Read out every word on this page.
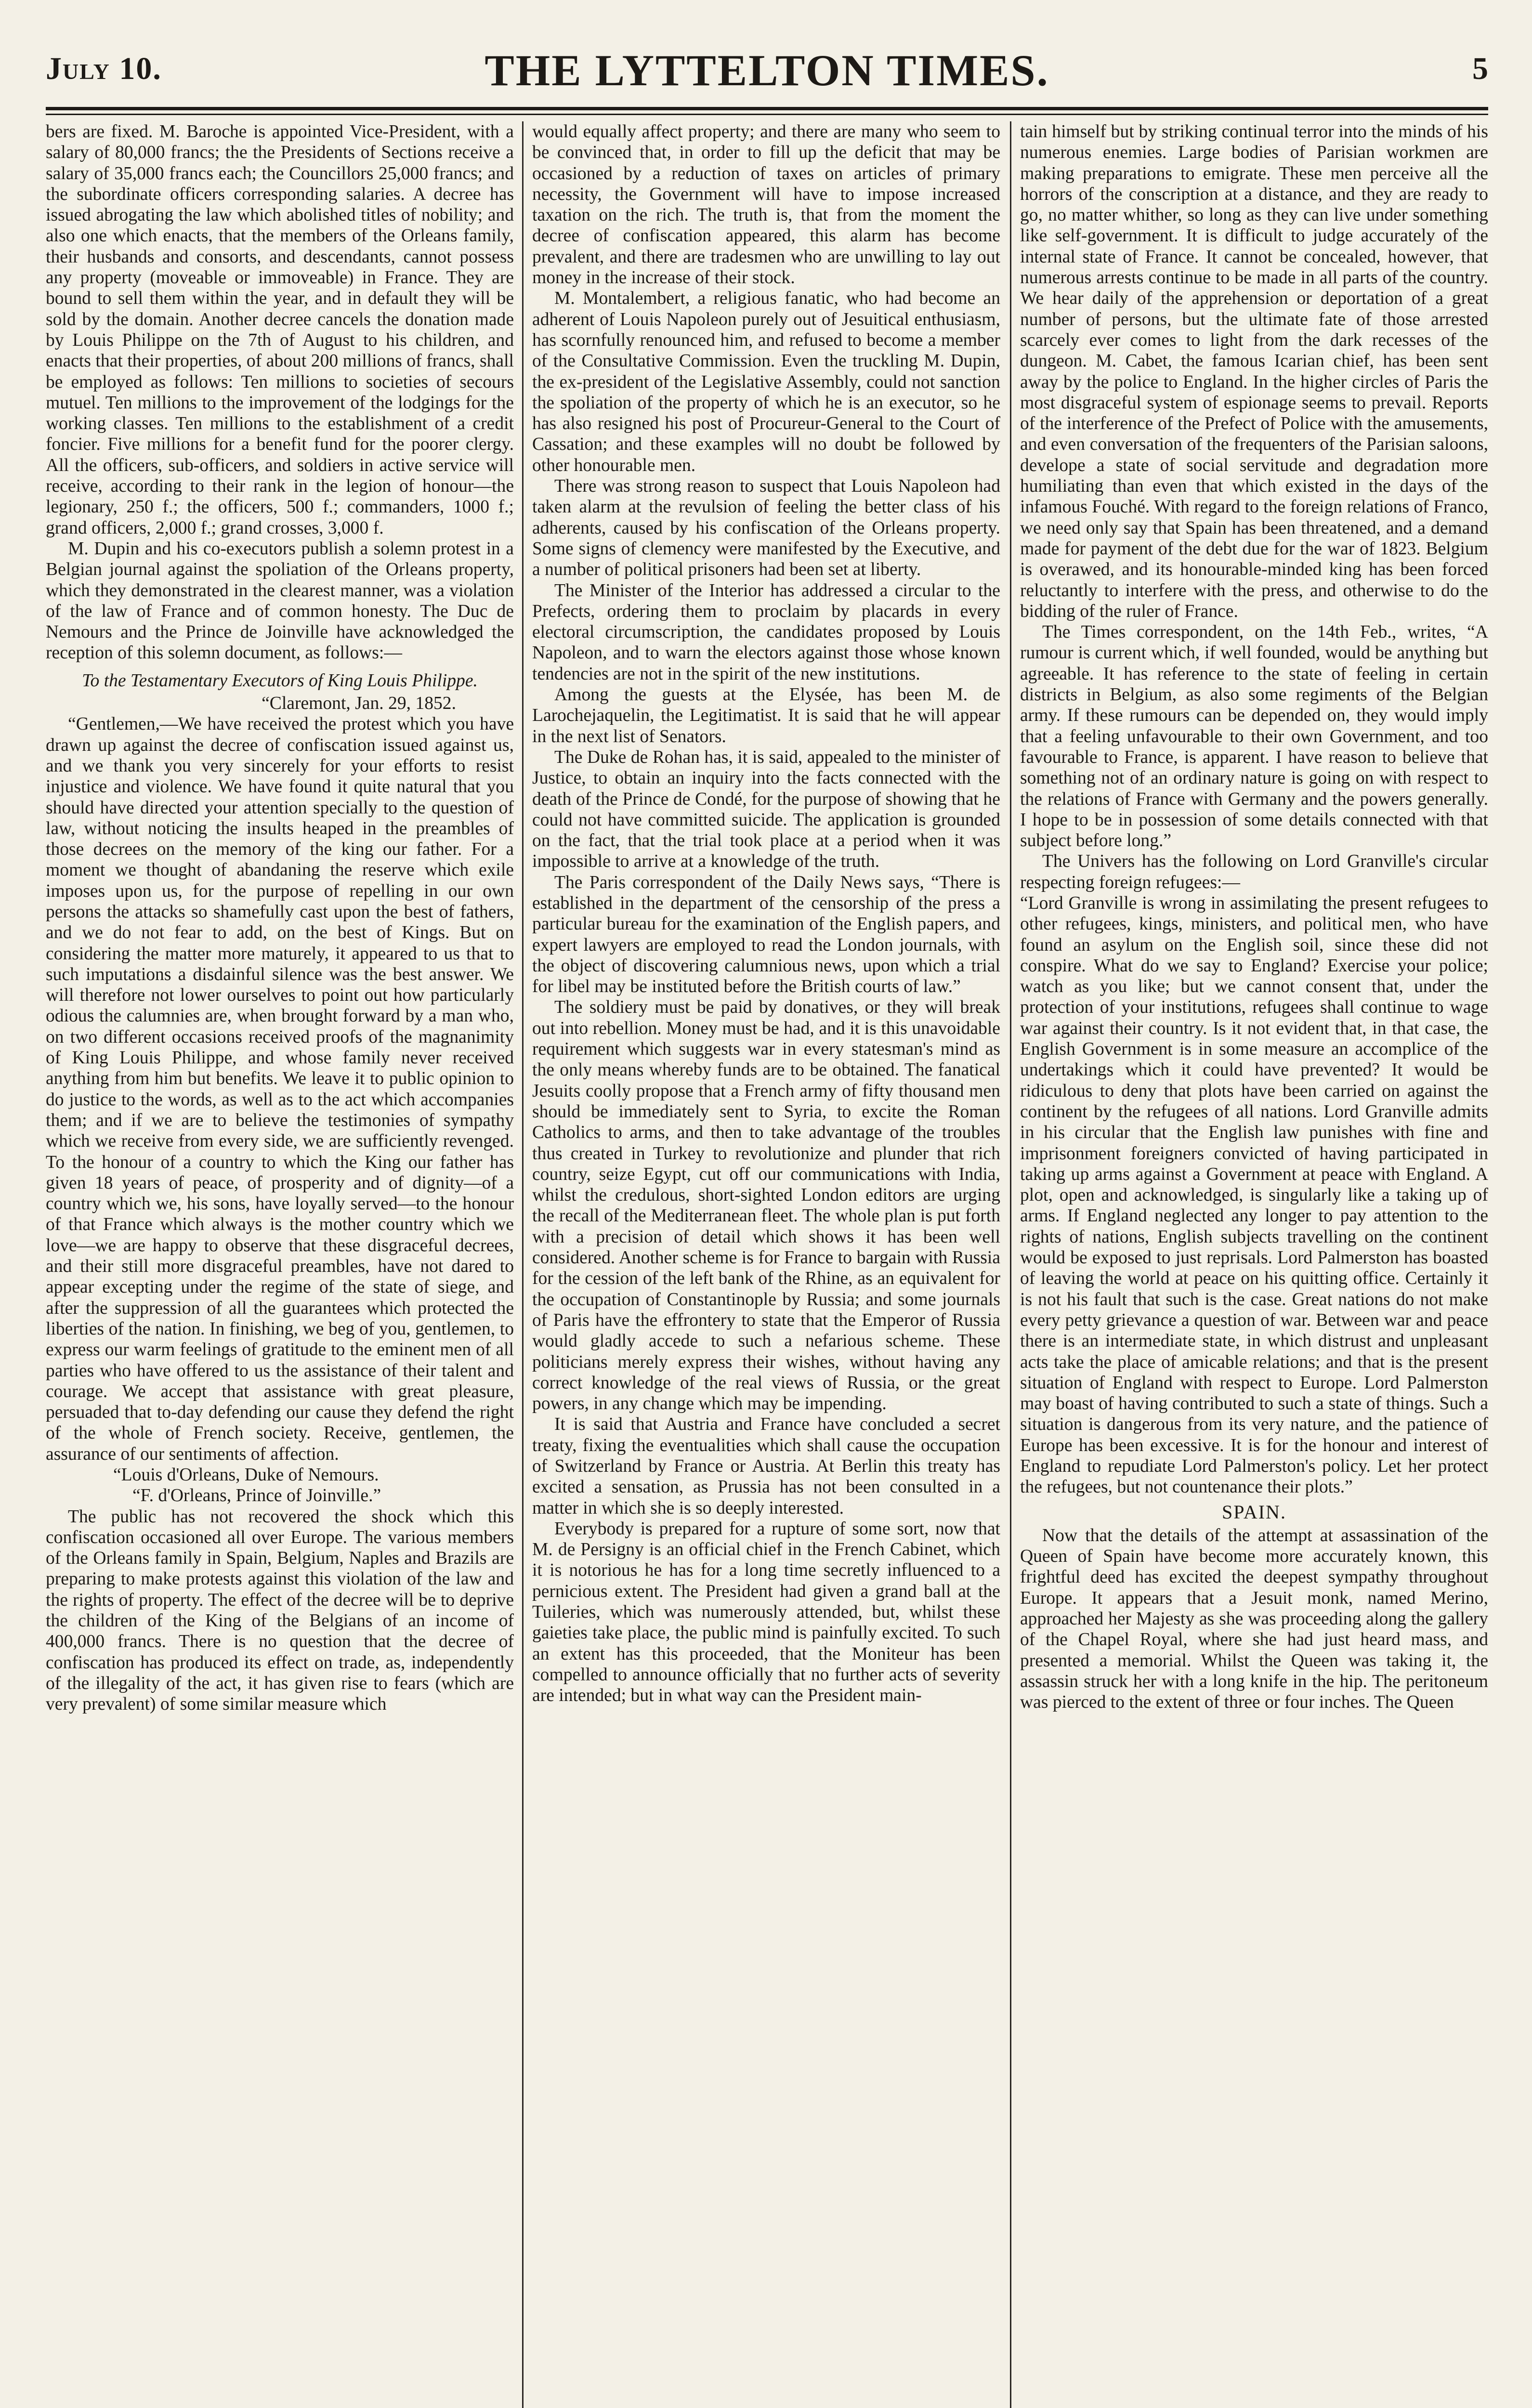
THE LYTTELTON TIMES.
July 10.	5

bers are fixed. M. Baroche is appointed Vice-President, with a salary of 80,000 francs; the the Presidents of Sections receive a salary of 35,000 francs each; the Councillors 25,000 francs; and the subordinate officers corresponding salaries. A decree has issued abrogating the law which abolished titles of nobility; and also one which enacts, that the members of the Orleans family, their husbands and consorts, and descendants, cannot possess any property (moveable or immoveable) in France. They are bound to sell them within the year, and in default they will be sold by the domain. Another decree cancels the donation made by Louis Philippe on the 7th of August to his children, and enacts that their properties, of about 200 millions of francs, shall be employed as follows: Ten millions to societies of secours mutuel. Ten millions to the improvement of the lodgings for the working classes. Ten millions to the establishment of a credit foncier. Five millions for a benefit fund for the poorer clergy. All the officers, sub-officers, and soldiers in active service will receive, according to their rank in the legion of honour—the legionary, 250 f.; the officers, 500 f.; commanders, 1000 f.; grand officers, 2,000 f.; grand crosses, 3,000 f.

M. Dupin and his co-executors publish a solemn protest in a Belgian journal against the spoliation of the Orleans property, which they demonstrated in the clearest manner, was a violation of the law of France and of common honesty. The Duc de Nemours and the Prince de Joinville have acknowledged the reception of this solemn document, as follows:—

To the Testamentary Executors of King Louis Philippe.

“Claremont, Jan. 29, 1852.

“Gentlemen,—We have received the protest which you have drawn up against the decree of confiscation issued against us, and we thank you very sincerely for your efforts to resist injustice and violence. We have found it quite natural that you should have directed your attention specially to the question of law, without noticing the insults heaped in the preambles of those decrees on the memory of the king our father. For a moment we thought of abandaning the reserve which exile imposes upon us, for the purpose of repelling in our own persons the attacks so shamefully cast upon the best of fathers, and we do not fear to add, on the best of Kings. But on considering the matter more maturely, it appeared to us that to such imputations a disdainful silence was the best answer. We will therefore not lower ourselves to point out how particularly odious the calumnies are, when brought forward by a man who, on two different occasions received proofs of the magnanimity of King Louis Philippe, and whose family never received anything from him but benefits. We leave it to public opinion to do justice to the words, as well as to the act which accompanies them; and if we are to believe the testimonies of sympathy which we receive from every side, we are sufficiently revenged. To the honour of a country to which the King our father has given 18 years of peace, of prosperity and of dignity—of a country which we, his sons, have loyally served—to the honour of that France which always is the mother country which we love—we are happy to observe that these disgraceful decrees, and their still more disgraceful preambles, have not dared to appear excepting under the regime of the state of siege, and after the suppression of all the guarantees which protected the liberties of the nation. In finishing, we beg of you, gentlemen, to express our warm feelings of gratitude to the eminent men of all parties who have offered to us the assistance of their talent and courage. We accept that assistance with great pleasure, persuaded that to-day defending our cause they defend the right of the whole of French society. Receive, gentlemen, the assurance of our sentiments of affection.

“Louis d'Orleans, Duke of Nemours.

“F. d'Orleans, Prince of Joinville.”

The public has not recovered the shock which this confiscation occasioned all over Europe. The various members of the Orleans family in Spain, Belgium, Naples and Brazils are preparing to make protests against this violation of the law and the rights of property. The effect of the decree will be to deprive the children of the King of the Belgians of an income of 400,000 francs. There is no question that the decree of confiscation has produced its effect on trade, as, independently of the illegality of the act, it has given rise to fears (which are very prevalent) of some similar measure which

would equally affect property; and there are many who seem to be convinced that, in order to fill up the deficit that may be occasioned by a reduction of taxes on articles of primary necessity, the Government will have to impose increased taxation on the rich. The truth is, that from the moment the decree of confiscation appeared, this alarm has become prevalent, and there are tradesmen who are unwilling to lay out money in the increase of their stock.

M. Montalembert, a religious fanatic, who had become an adherent of Louis Napoleon purely out of Jesuitical enthusiasm, has scornfully renounced him, and refused to become a member of the Consultative Commission. Even the truckling M. Dupin, the ex-president of the Legislative Assembly, could not sanction the spoliation of the property of which he is an executor, so he has also resigned his post of Procureur-General to the Court of Cassation; and these examples will no doubt be followed by other honourable men.

There was strong reason to suspect that Louis Napoleon had taken alarm at the revulsion of feeling the better class of his adherents, caused by his confiscation of the Orleans property. Some signs of clemency were manifested by the Executive, and a number of political prisoners had been set at liberty.

The Minister of the Interior has addressed a circular to the Prefects, ordering them to proclaim by placards in every electoral circumscription, the candidates proposed by Louis Napoleon, and to warn the electors against those whose known tendencies are not in the spirit of the new institutions.

Among the guests at the Elysée, has been M. de Larochejaquelin, the Legitimatist. It is said that he will appear in the next list of Senators.

The Duke de Rohan has, it is said, appealed to the minister of Justice, to obtain an inquiry into the facts connected with the death of the Prince de Condé, for the purpose of showing that he could not have committed suicide. The application is grounded on the fact, that the trial took place at a period when it was impossible to arrive at a knowledge of the truth.

The Paris correspondent of the Daily News says, “There is established in the department of the censorship of the press a particular bureau for the examination of the English papers, and expert lawyers are employed to read the London journals, with the object of discovering calumnious news, upon which a trial for libel may be instituted before the British courts of law.”

The soldiery must be paid by donatives, or they will break out into rebellion. Money must be had, and it is this unavoidable requirement which suggests war in every statesman's mind as the only means whereby funds are to be obtained. The fanatical Jesuits coolly propose that a French army of fifty thousand men should be immediately sent to Syria, to excite the Roman Catholics to arms, and then to take advantage of the troubles thus created in Turkey to revolutionize and plunder that rich country, seize Egypt, cut off our communications with India, whilst the credulous, short-sighted London editors are urging the recall of the Mediterranean fleet. The whole plan is put forth with a precision of detail which shows it has been well considered. Another scheme is for France to bargain with Russia for the cession of the left bank of the Rhine, as an equivalent for the occupation of Constantinople by Russia; and some journals of Paris have the effrontery to state that the Emperor of Russia would gladly accede to such a nefarious scheme. These politicians merely express their wishes, without having any correct knowledge of the real views of Russia, or the great powers, in any change which may be impending.

It is said that Austria and France have concluded a secret treaty, fixing the eventualities which shall cause the occupation of Switzerland by France or Austria. At Berlin this treaty has excited a sensation, as Prussia has not been consulted in a matter in which she is so deeply interested.

Everybody is prepared for a rupture of some sort, now that M. de Persigny is an official chief in the French Cabinet, which it is notorious he has for a long time secretly influenced to a pernicious extent. The President had given a grand ball at the Tuileries, which was numerously attended, but, whilst these gaieties take place, the public mind is painfully excited. To such an extent has this proceeded, that the Moniteur has been compelled to announce officially that no further acts of severity are intended; but in what way can the President main-

tain himself but by striking continual terror into the minds of his numerous enemies. Large bodies of Parisian workmen are making preparations to emigrate. These men perceive all the horrors of the conscription at a distance, and they are ready to go, no matter whither, so long as they can live under something like self-government. It is difficult to judge accurately of the internal state of France. It cannot be concealed, however, that numerous arrests continue to be made in all parts of the country. We hear daily of the apprehension or deportation of a great number of persons, but the ultimate fate of those arrested scarcely ever comes to light from the dark recesses of the dungeon. M. Cabet, the famous Icarian chief, has been sent away by the police to England. In the higher circles of Paris the most disgraceful system of espionage seems to prevail. Reports of the interference of the Prefect of Police with the amusements, and even conversation of the frequenters of the Parisian saloons, develope a state of social servitude and degradation more humiliating than even that which existed in the days of the infamous Fouché. With regard to the foreign relations of Franco, we need only say that Spain has been threatened, and a demand made for payment of the debt due for the war of 1823. Belgium is overawed, and its honourable-minded king has been forced reluctantly to interfere with the press, and otherwise to do the bidding of the ruler of France.

The Times correspondent, on the 14th Feb., writes, “A rumour is current which, if well founded, would be anything but agreeable. It has reference to the state of feeling in certain districts in Belgium, as also some regiments of the Belgian army. If these rumours can be depended on, they would imply that a feeling unfavourable to their own Government, and too favourable to France, is apparent. I have reason to believe that something not of an ordinary nature is going on with respect to the relations of France with Germany and the powers generally. I hope to be in possession of some details connected with that subject before long.”

The Univers has the following on Lord Granville's circular respecting foreign refugees:—

“Lord Granville is wrong in assimilating the present refugees to other refugees, kings, ministers, and political men, who have found an asylum on the English soil, since these did not conspire. What do we say to England? Exercise your police; watch as you like; but we cannot consent that, under the protection of your institutions, refugees shall continue to wage war against their country. Is it not evident that, in that case, the English Government is in some measure an accomplice of the undertakings which it could have prevented? It would be ridiculous to deny that plots have been carried on against the continent by the refugees of all nations. Lord Granville admits in his circular that the English law punishes with fine and imprisonment foreigners convicted of having participated in taking up arms against a Government at peace with England. A plot, open and acknowledged, is singularly like a taking up of arms. If England neglected any longer to pay attention to the rights of nations, English subjects travelling on the continent would be exposed to just reprisals. Lord Palmerston has boasted of leaving the world at peace on his quitting office. Certainly it is not his fault that such is the case. Great nations do not make every petty grievance a question of war. Between war and peace there is an intermediate state, in which distrust and unpleasant acts take the place of amicable relations; and that is the present situation of England with respect to Europe. Lord Palmerston may boast of having contributed to such a state of things. Such a situation is dangerous from its very nature, and the patience of Europe has been excessive. It is for the honour and interest of England to repudiate Lord Palmerston's policy. Let her protect the refugees, but not countenance their plots.”

SPAIN.

Now that the details of the attempt at assassination of the Queen of Spain have become more accurately known, this frightful deed has excited the deepest sympathy throughout Europe. It appears that a Jesuit monk, named Merino, approached her Majesty as she was proceeding along the gallery of the Chapel Royal, where she had just heard mass, and presented a memorial. Whilst the Queen was taking it, the assassin struck her with a long knife in the hip. The peritoneum was pierced to the extent of three or four inches. The Queen
